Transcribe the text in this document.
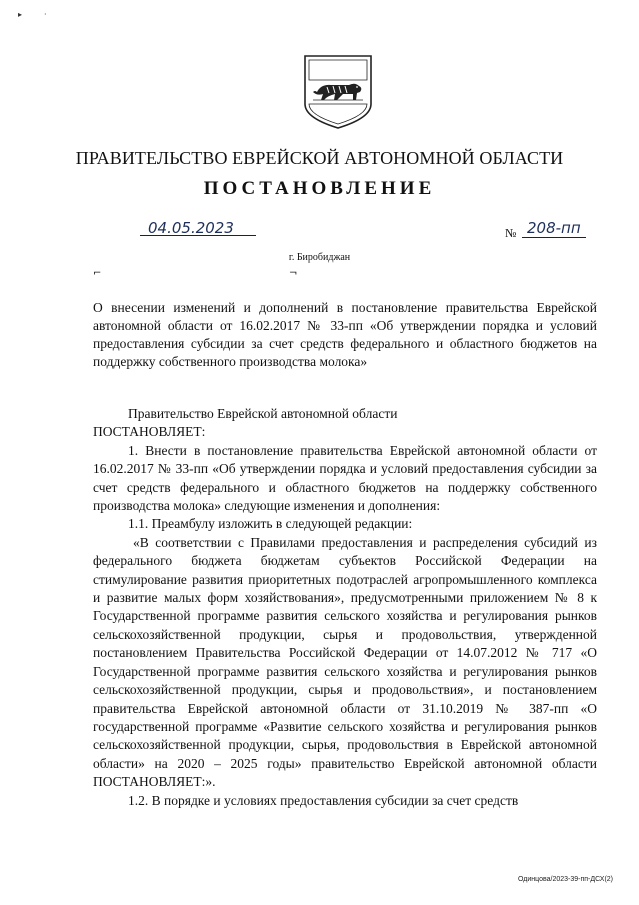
▸	·
ПРАВИТЕЛЬСТВО ЕВРЕЙСКОЙ АВТОНОМНОЙ ОБЛАСТИ
ПОСТАНОВЛЕНИЕ
04.05.2023	№ 208-пп
г. Биробиджан
⌐	¬
О внесении изменений и дополнений в постановление правительства Еврейской автономной области от 16.02.2017 № 33-пп «Об утверждении порядка и условий предоставления субсидии за счет средств федерального и областного бюджетов на поддержку собственного производства молока»

Правительство Еврейской автономной области

ПОСТАНОВЛЯЕТ:

1. Внести в постановление правительства Еврейской автономной области от 16.02.2017 № 33-пп «Об утверждении порядка и условий предоставления субсидии за счет средств федерального и областного бюджетов на поддержку собственного производства молока» следующие изменения и дополнения:

1.1. Преамбулу изложить в следующей редакции:

«В соответствии с Правилами предоставления и распределения субсидий из федерального бюджета бюджетам субъектов Российской Федерации на стимулирование развития приоритетных подотраслей агропромышленного комплекса и развитие малых форм хозяйствования», предусмотренными приложением № 8 к Государственной программе развития сельского хозяйства и регулирования рынков сельскохозяйственной продукции, сырья и продовольствия, утвержденной постановлением Правительства Российской Федерации от 14.07.2012 № 717 «О Государственной программе развития сельского хозяйства и регулирования рынков сельскохозяйственной продукции, сырья и продовольствия», и постановлением правительства Еврейской автономной области от 31.10.2019 № 387-пп «О государственной программе «Развитие сельского хозяйства и регулирования рынков сельскохозяйственной продукции, сырья, продовольствия в Еврейской автономной области» на 2020 – 2025 годы» правительство Еврейской автономной области ПОСТАНОВЛЯЕТ:».

1.2. В порядке и условиях предоставления субсидии за счет средств

Одинцова/2023-39-пп-ДСХ(2)
